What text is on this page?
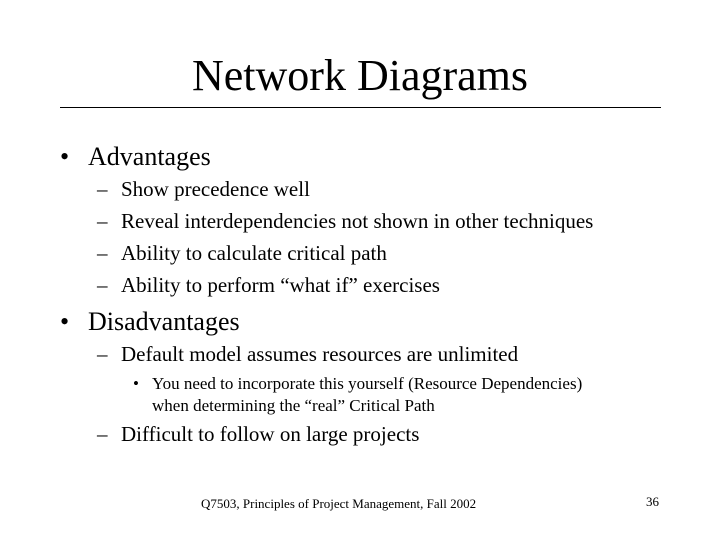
Network Diagrams
• Advantages
– Show precedence well
– Reveal interdependencies not shown in other techniques
– Ability to calculate critical path
– Ability to perform “what if” exercises
• Disadvantages
– Default model assumes resources are unlimited
• You need to incorporate this yourself (Resource Dependencies)
when determining the “real” Critical Path
– Difficult to follow on large projects
Q7503, Principles of Project Management, Fall 2002	36
